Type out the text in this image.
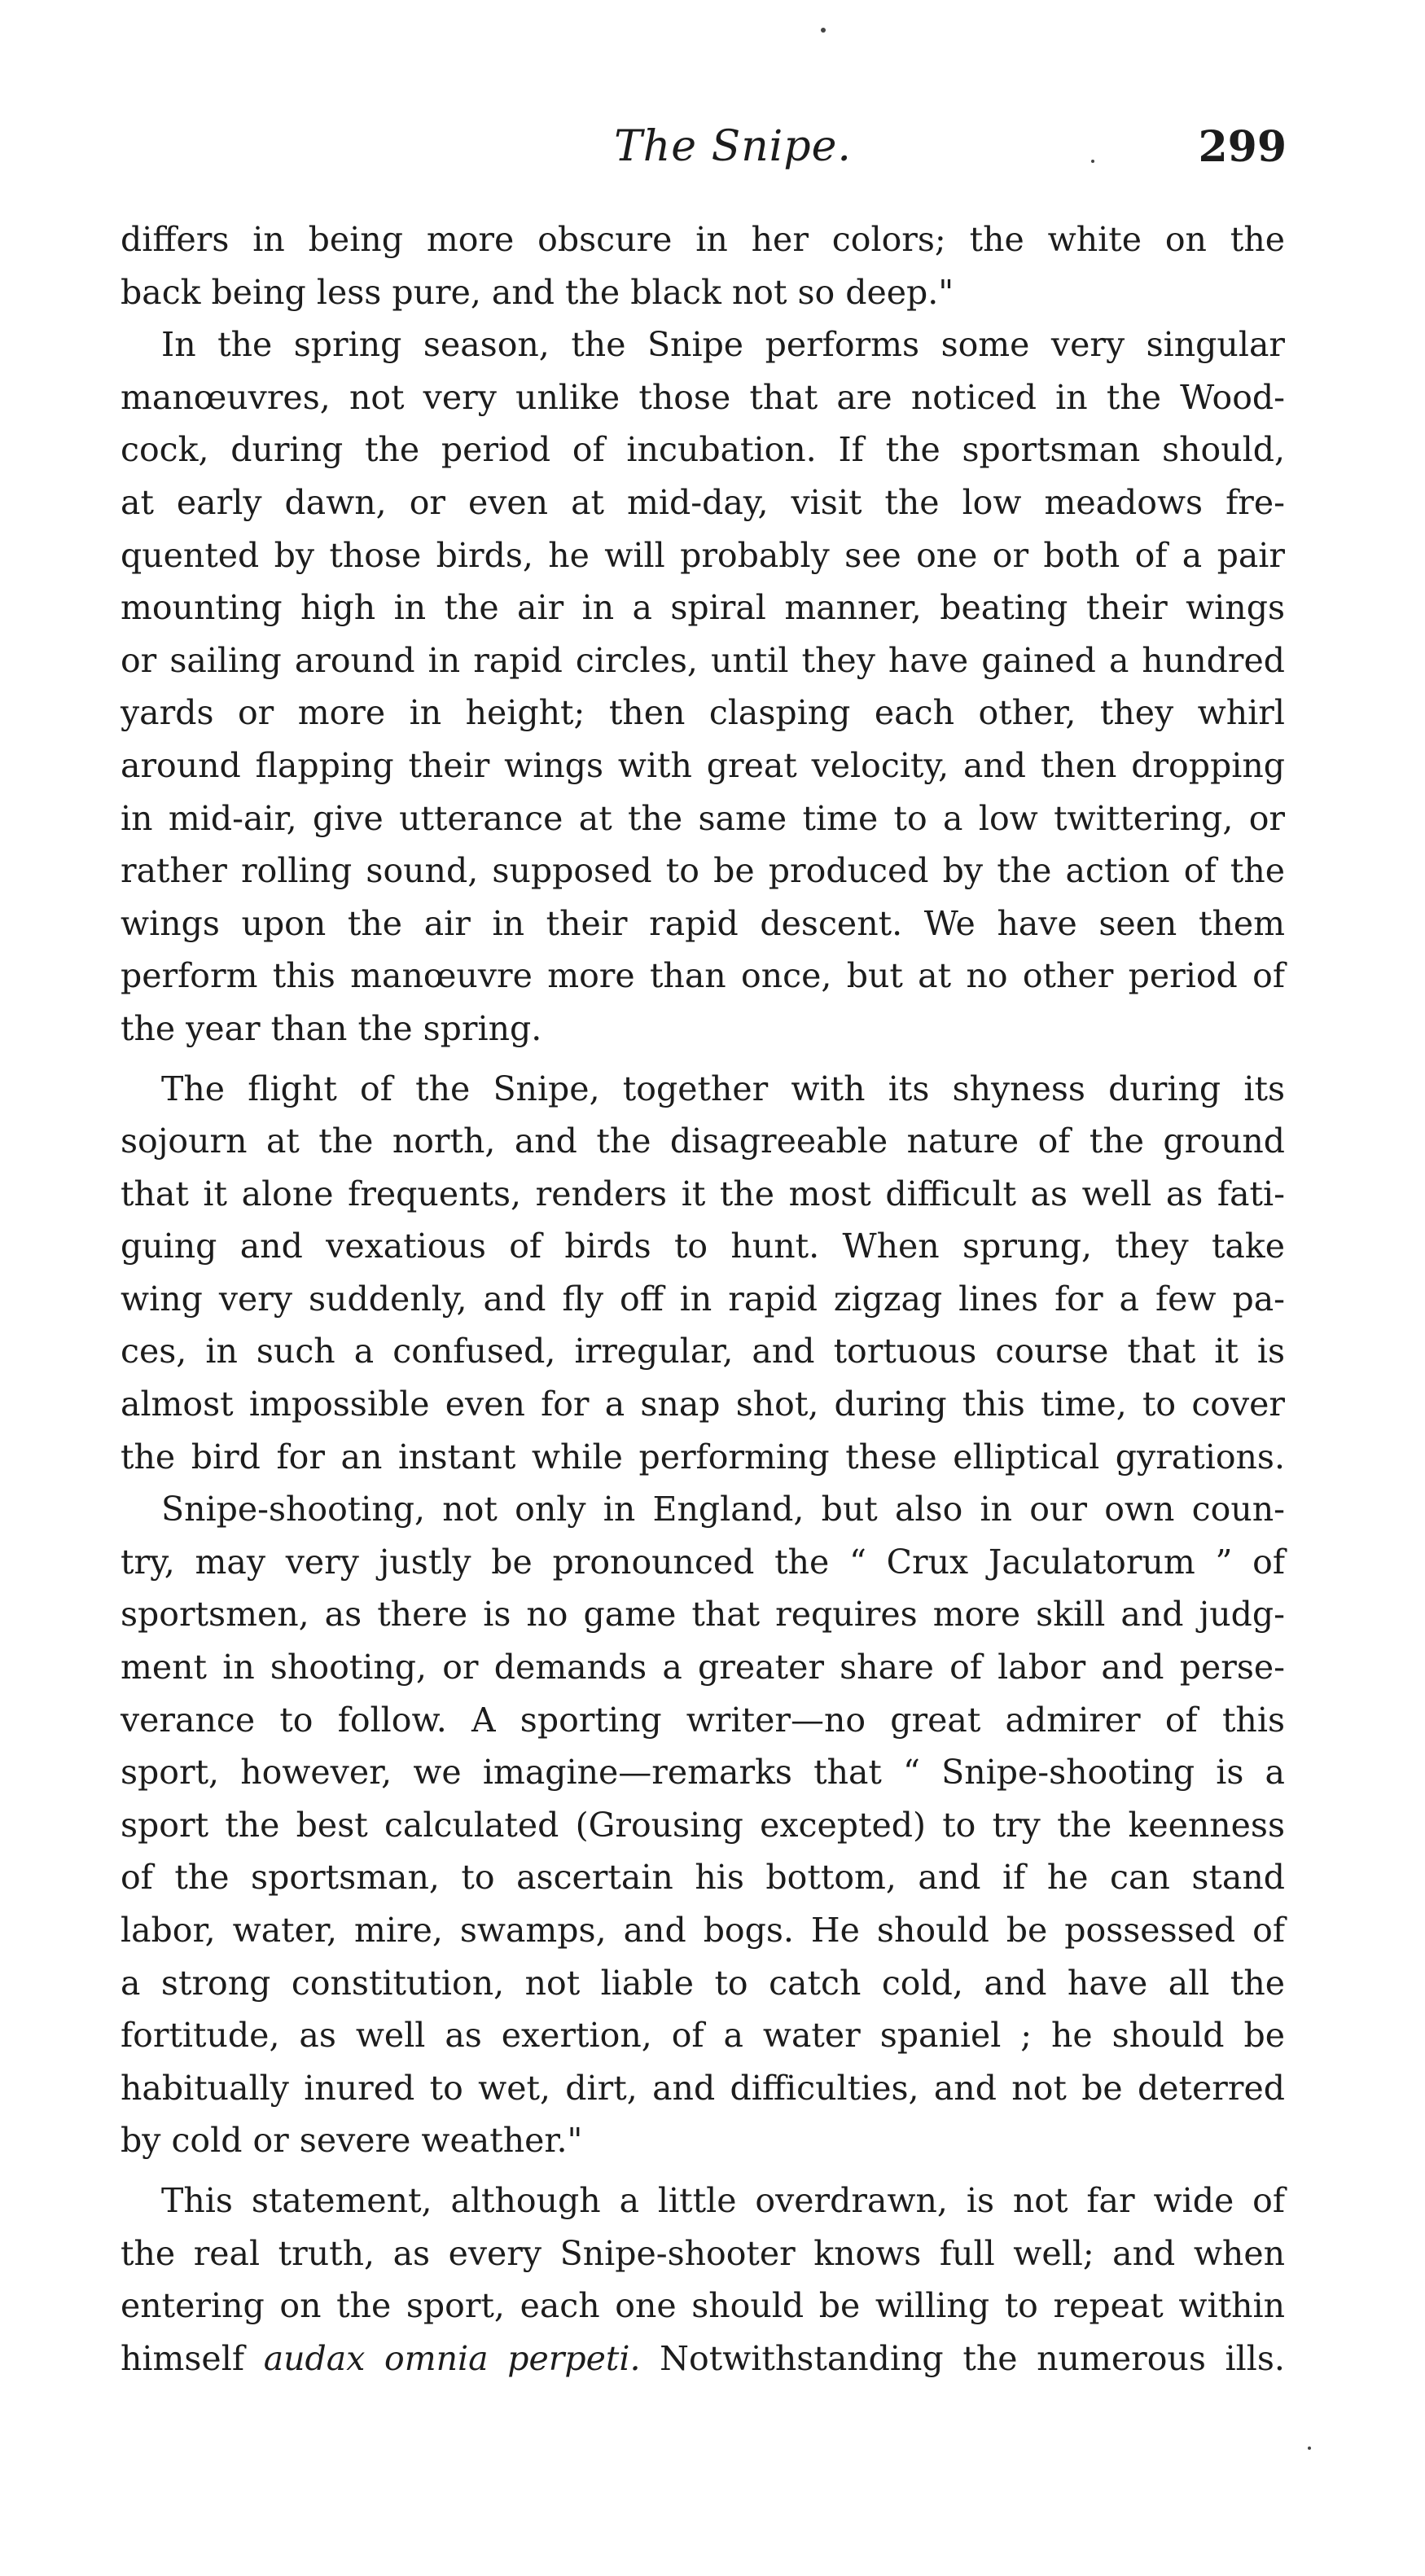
The Snipe.	299
differs in being more obscure in her colors; the white on the
back being less pure, and the black not so deep."
In the spring season, the Snipe performs some very singular
manœuvres, not very unlike those that are noticed in the Wood-
cock, during the period of incubation. If the sportsman should,
at early dawn, or even at mid-day, visit the low meadows fre-
quented by those birds, he will probably see one or both of a pair
mounting high in the air in a spiral manner, beating their wings
or sailing around in rapid circles, until they have gained a hundred
yards or more in height; then clasping each other, they whirl
around flapping their wings with great velocity, and then dropping
in mid-air, give utterance at the same time to a low twittering, or
rather rolling sound, supposed to be produced by the action of the
wings upon the air in their rapid descent. We have seen them
perform this manœuvre more than once, but at no other period of
the year than the spring.
The flight of the Snipe, together with its shyness during its
sojourn at the north, and the disagreeable nature of the ground
that it alone frequents, renders it the most difficult as well as fati-
guing and vexatious of birds to hunt. When sprung, they take
wing very suddenly, and fly off in rapid zigzag lines for a few pa-
ces, in such a confused, irregular, and tortuous course that it is
almost impossible even for a snap shot, during this time, to cover
the bird for an instant while performing these elliptical gyrations.
Snipe-shooting, not only in England, but also in our own coun-
try, may very justly be pronounced the “ Crux Jaculatorum ” of
sportsmen, as there is no game that requires more skill and judg-
ment in shooting, or demands a greater share of labor and perse-
verance to follow. A sporting writer—no great admirer of this
sport, however, we imagine—remarks that “ Snipe-shooting is a
sport the best calculated (Grousing excepted) to try the keenness
of the sportsman, to ascertain his bottom, and if he can stand
labor, water, mire, swamps, and bogs. He should be possessed of
a strong constitution, not liable to catch cold, and have all the
fortitude, as well as exertion, of a water spaniel ; he should be
habitually inured to wet, dirt, and difficulties, and not be deterred
by cold or severe weather."
This statement, although a little overdrawn, is not far wide of
the real truth, as every Snipe-shooter knows full well; and when
entering on the sport, each one should be willing to repeat within
himself audax omnia perpeti. Notwithstanding the numerous ills.
